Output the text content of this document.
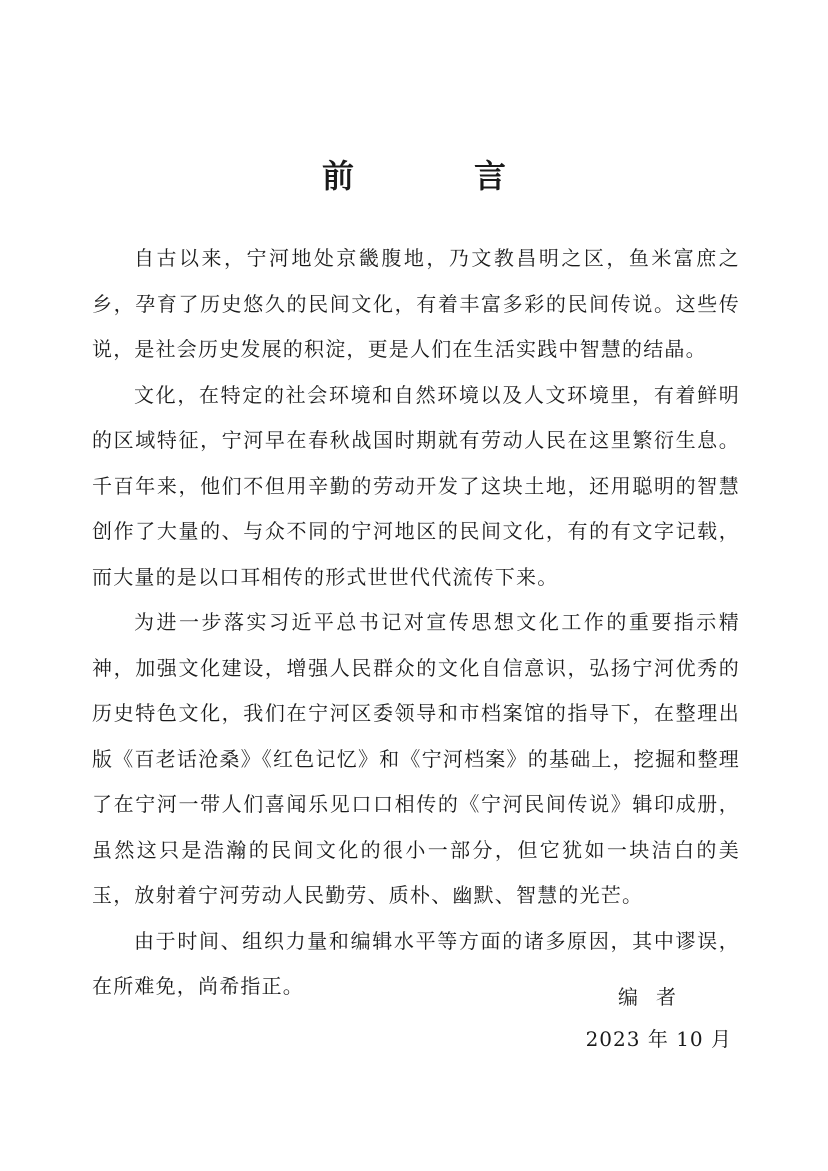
前　言

自古以来，宁河地处京畿腹地，乃文教昌明之区，鱼米富庶之乡，孕育了历史悠久的民间文化，有着丰富多彩的民间传说。这些传说，是社会历史发展的积淀，更是人们在生活实践中智慧的结晶。

文化，在特定的社会环境和自然环境以及人文环境里，有着鲜明的区域特征，宁河早在春秋战国时期就有劳动人民在这里繁衍生息。千百年来，他们不但用辛勤的劳动开发了这块土地，还用聪明的智慧创作了大量的、与众不同的宁河地区的民间文化，有的有文字记载，而大量的是以口耳相传的形式世世代代流传下来。

为进一步落实习近平总书记对宣传思想文化工作的重要指示精神，加强文化建设，增强人民群众的文化自信意识，弘扬宁河优秀的历史特色文化，我们在宁河区委领导和市档案馆的指导下，在整理出版《百老话沧桑》《红色记忆》和《宁河档案》的基础上，挖掘和整理了在宁河一带人们喜闻乐见口口相传的《宁河民间传说》辑印成册，虽然这只是浩瀚的民间文化的很小一部分，但它犹如一块洁白的美玉，放射着宁河劳动人民勤劳、质朴、幽默、智慧的光芒。

由于时间、组织力量和编辑水平等方面的诸多原因，其中谬误，在所难免，尚希指正。	编者
2023 年 10 月
